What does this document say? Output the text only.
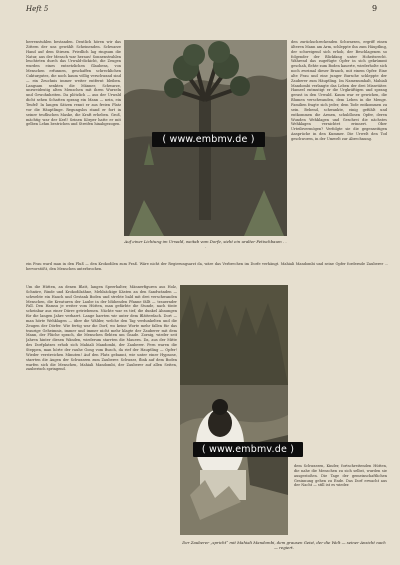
Heft 5	9
herrenstuhlen bestanden. Deutlich hören wir das Zittern der uns gewählt Scheinenden. Schwarze Hand auf dem Stirnen. Friedlich lag ringsum die Natur, aus der Mensch war heraus! Sonnenstrahlen leuchteten durch das Urwald-dickicht, die Zeugen wurden eines entsetzlichen Glaubens, von Menschen erfunnen, geschaffen schrecklichen Cukturgutes, die noch kaum völlig verschwand sind — ein Zeuchnis immer weiter entfernt bleiben. Langsam senkten die Männer, Schwarze, unzweideutig alten Menschen mit ihren Wurzeln und Gewohnheiten. Da plötzlich — aus der Urwald dicht sehen Schatten sprang ein Mann — nein, ein Teufel! In langen Sätzen rennt er aus freien Platz vor die Häuptlinge. Regungslos stand er fort in seiner teuflischen Maske, die Kraft erheben. Groß, mächtig war der Kerl! Seinen Körper hatte er mit gelben Lehm bestrichen und Streifen hinabgezogen.
( www.embmv.de )
den zurückschreckenden Schwarzen, ergriff einen älteren Mann am Arm, schleppte ihn zum Häuptling, der schweigend sich erhob, der Beschlagenen so folgender der Blickfang unter Hoheitsrecht. Während das zugefügte Opfer in sich gekrümmt geschah, flehte zum Boden kauerte, wiederholte sich noch zweimal dieser Brauch, mit einem Opfer. Eine alte Frau und eine junger Bursche schleppte der Zauberer zum Häuptling. Im Namenumhalt, Mahiali Mandombi verlangte das Leben der drei Missetäter. Hameel entmutigt er die Urgkräftigen und sprang gerast in den Urwald. Kaum war er gewichen, die Blumen verschwanden, dem Leben in die Menge. Familien fragte sich jeder, dem Tode entkommen zu sein. Bebend, schwankte, einig gefühlt und entkommen die Armen, schuldlosen Opfer, deren Wunden Wehklagen und Geschrei die nächstes Wehklagen vernichtet erinnert. Ober Urteilsvermögen? Verfolgte sie die gegenseitigen Ansprüche in den Kummer. Die Urwelt den Tod geschworen, in der Umwelt zur Abrechnung.
Auf einer Lichtung im Urwald, weitab vom Dorfe, sieht ein uralter Fetischbaum . . .
ein Frau ward man in den Fluß — den Krokodilen zum Fraß. Wäre nicht der Regierungsarzt da, wäre das Verbrechen im Dorfe verhängt. Mahiali Mandombi und seine Opfer fordernde Zauberer ... hervorstößt, den Menschen unterbrochen.
Um die Hütten, an denen Blatt, langen Speerhalter, Männerfiguren aus Holz, Schnüre, Rinde und Krokodilzähne, Mehlsäckige Kästen an den Sandwänden — schwebte ein Hauch und Gestank Boden und strebte bald mit drei verschwanden Menschen, die Kreaturen der Laube in der blühenden Pfanne fällt — trauernder Fall. Den Hamsu je weiter vom Hütten, man gefärbte die Stunde, nach tönte scheinbar aus einer Dürre getriebenen. Nächte war es tief, die dunkel Ahnungen für die langen Jahre verharrt. Lange harrten wir unter dem Blätterdach. Dort — man hörte Wehklagen — über die Wälder, welche den Tag verdunkelten und die Zeugen der Dörfer. Wie fertig war die Dorf, wo keine Worte mehr fallen für das traurige Geheimnis, immer und immer nicht mehr klagte der Zauberer mit dem Mann, der Flüche sprach, die Menschen flehten um Gnade. Zornig, wieder seit Jahren hinter diesen Wänden, wiederum starrten die Mauern. Da, aus der Mitte des Dorfplatzes erhob sich Mahiali Mandombi, der Zauberer. Fern waren die Steppen, man hörte der rauhe Gong vom Busch, da rief der Hauptling — Opfer! Wieder verstreichen Minuten! Auf den Platz gebannt, wie unter einer Hypnose, starrten die Augen der Schwarzen zum Zauberer. Schwarz, flink auf dem Boden warfen sich die Menschen, Mahiali Mandombi, der Zauberer auf allen Seiten, zauberisch springend.
( www.embmv.de )
dem Schwarzen, Kinder, fortschreitenden Hütten, die nahe die Menschen zu sich selbst, wurden sie ausgestoßen. Die Tage der gemeinschaftlichen Gesinnung gehen zu Ende. Das Dorf erwacht aus der Nacht — still ist es wieder.
Der Zauberer „spricht“ mit Mahiali Mandombi, dem grausen Geist, der die Welt — seiner Ansicht nach — regiert.
